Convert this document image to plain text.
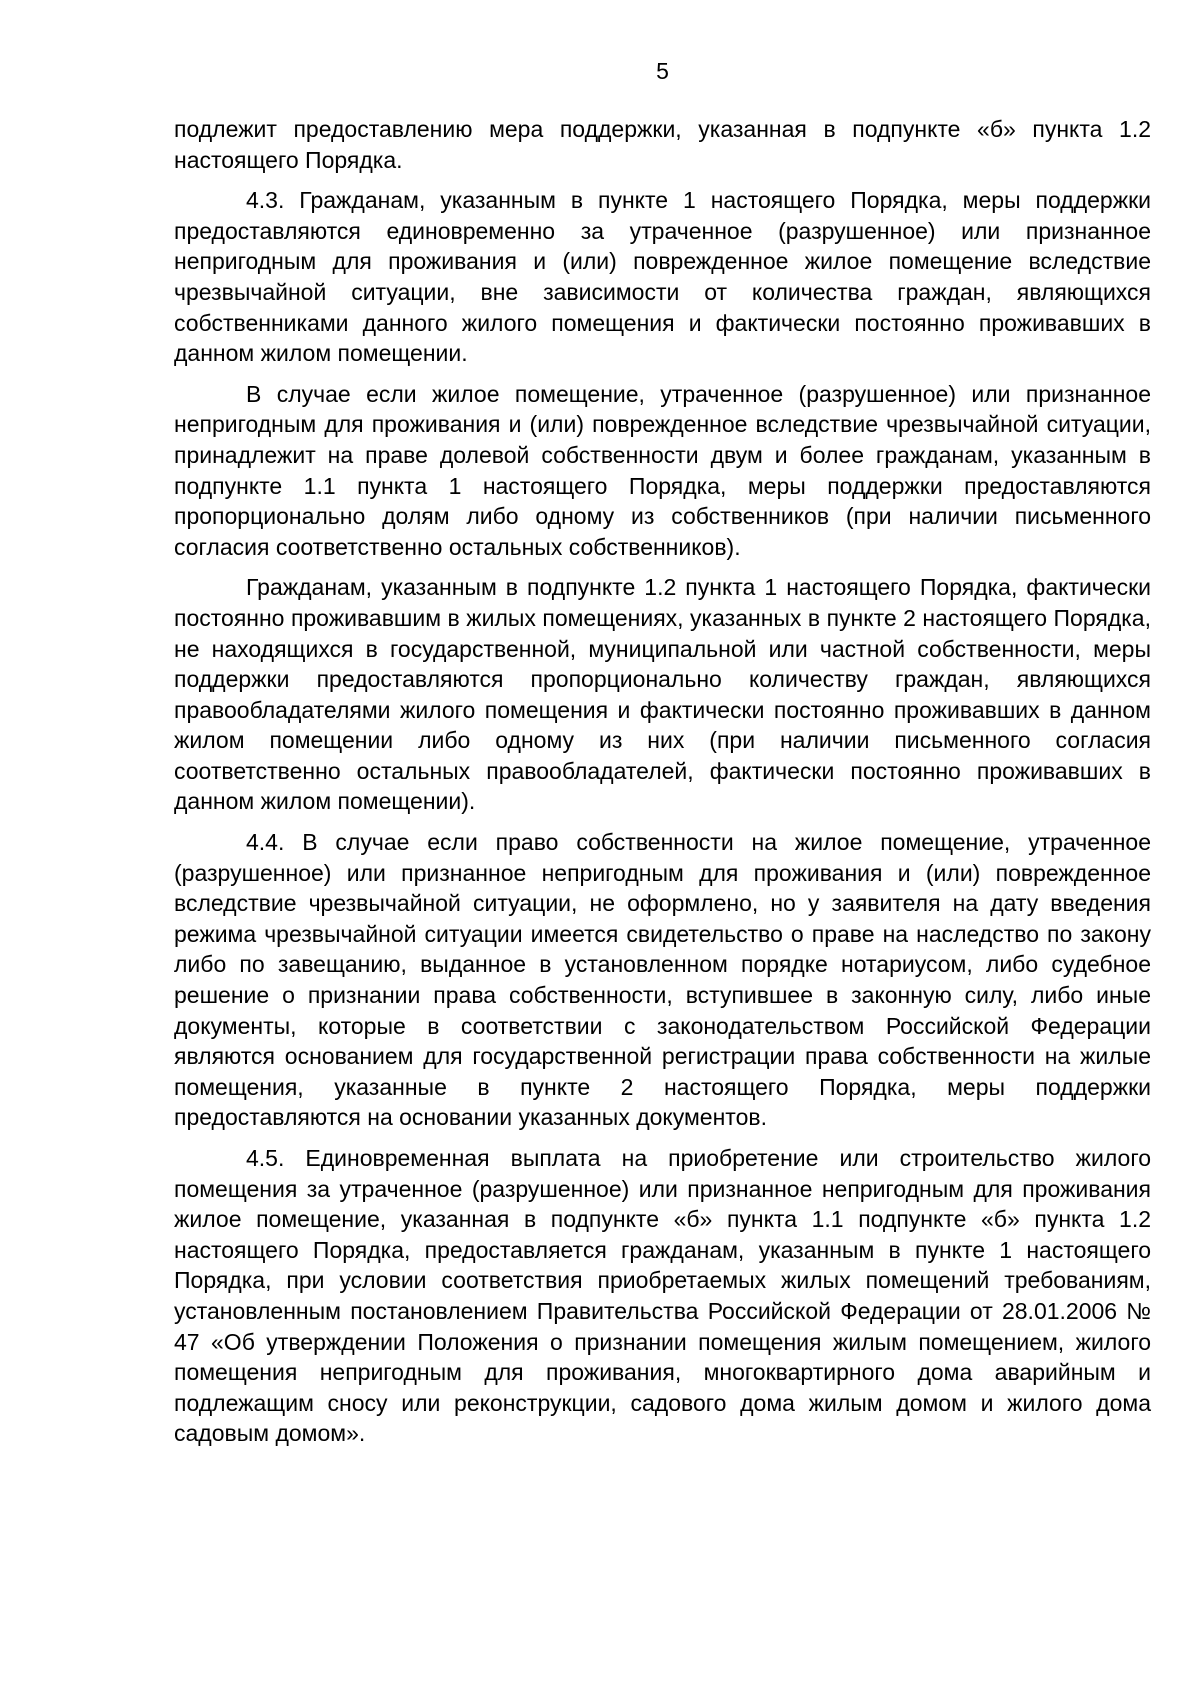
5

подлежит предоставлению мера поддержки, указанная в подпункте «б» пункта 1.2 настоящего Порядка.

4.3. Гражданам, указанным в пункте 1 настоящего Порядка, меры поддержки предоставляются единовременно за утраченное (разрушенное) или признанное непригодным для проживания и (или) поврежденное жилое помещение вследствие чрезвычайной ситуации, вне зависимости от количества граждан, являющихся собственниками данного жилого помещения и фактически постоянно проживавших в данном жилом помещении.

В случае если жилое помещение, утраченное (разрушенное) или признанное непригодным для проживания и (или) поврежденное вследствие чрезвычайной ситуации, принадлежит на праве долевой собственности двум и более гражданам, указанным в подпункте 1.1 пункта 1 настоящего Порядка, меры поддержки предоставляются пропорционально долям либо одному из собственников (при наличии письменного согласия соответственно остальных собственников).

Гражданам, указанным в подпункте 1.2 пункта 1 настоящего Порядка, фактически постоянно проживавшим в жилых помещениях, указанных в пункте 2 настоящего Порядка, не находящихся в государственной, муниципальной или частной собственности, меры поддержки предоставляются пропорционально количеству граждан, являющихся правообладателями жилого помещения и фактически постоянно проживавших в данном жилом помещении либо одному из них (при наличии письменного согласия соответственно остальных правообладателей, фактически постоянно проживавших в данном жилом помещении).

4.4. В случае если право собственности на жилое помещение, утраченное (разрушенное) или признанное непригодным для проживания и (или) поврежденное вследствие чрезвычайной ситуации, не оформлено, но у заявителя на дату введения режима чрезвычайной ситуации имеется свидетельство о праве на наследство по закону либо по завещанию, выданное в установленном порядке нотариусом, либо судебное решение о признании права собственности, вступившее в законную силу, либо иные документы, которые в соответствии с законодательством Российской Федерации являются основанием для государственной регистрации права собственности на жилые помещения, указанные в пункте 2 настоящего Порядка, меры поддержки предоставляются на основании указанных документов.

4.5. Единовременная выплата на приобретение или строительство жилого помещения за утраченное (разрушенное) или признанное непригодным для проживания жилое помещение, указанная в подпункте «б» пункта 1.1 подпункте «б» пункта 1.2 настоящего Порядка, предоставляется гражданам, указанным в пункте 1 настоящего Порядка, при условии соответствия приобретаемых жилых помещений требованиям, установленным постановлением Правительства Российской Федерации от 28.01.2006 № 47 «Об утверждении Положения о признании помещения жилым помещением, жилого помещения непригодным для проживания, многоквартирного дома аварийным и подлежащим сносу или реконструкции, садового дома жилым домом и жилого дома садовым домом».
